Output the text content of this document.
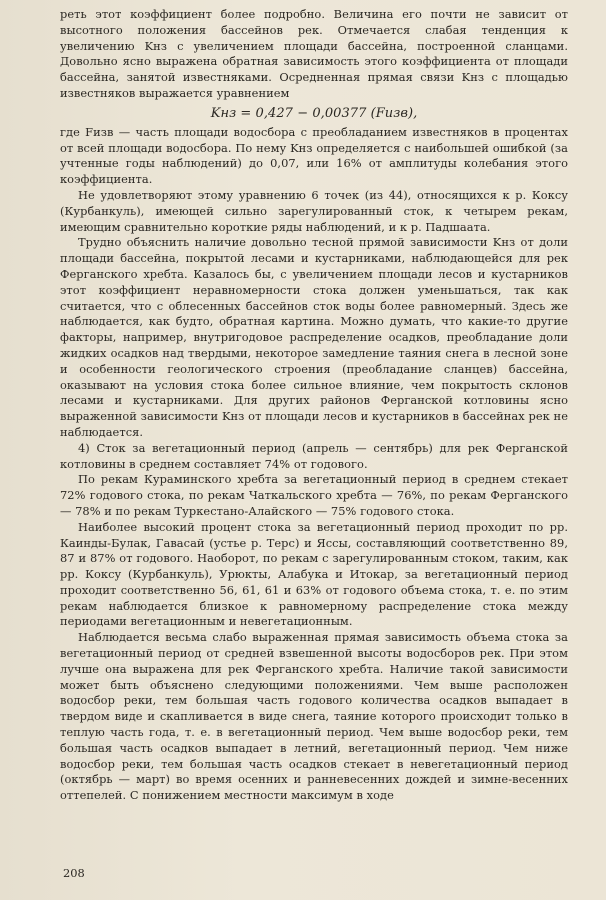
реть этот коэффициент более подробно. Величина его почти не зависит от высотного положения бассейнов рек. Отмечается слабая тенденция к увеличению Kнз с увеличением площади бассейна, построенной сланцами. Довольно ясно выражена обратная зависимость этого коэффициента от площади бассейна, занятой известняками. Осредненная прямая связи Kнз с площадью известняков выражается уравнением

Kнз = 0,427 − 0,00377 (Fизв),

где Fизв — часть площади водосбора с преобладанием известняков в процентах от всей площади водосбора. По нему Kнз определяется с наибольшей ошибкой (за учтенные годы наблюдений) до 0,07, или 16% от амплитуды колебания этого коэффициента.

Не удовлетворяют этому уравнению 6 точек (из 44), относящихся к р. Коксу (Курбанкуль), имеющей сильно зарегулированный сток, к четырем рекам, имеющим сравнительно короткие ряды наблюдений, и к р. Падшаата.

Трудно объяснить наличие довольно тесной прямой зависимости Kнз от доли площади бассейна, покрытой лесами и кустарниками, наблюдающейся для рек Ферганского хребта. Казалось бы, с увеличением площади лесов и кустарников этот коэффициент неравномерности стока должен уменьшаться, так как считается, что с облесенных бассейнов сток воды более равномерный. Здесь же наблюдается, как будто, обратная картина. Можно думать, что какие-то другие факторы, например, внутригодовое распределение осадков, преобладание доли жидких осадков над твердыми, некоторое замедление таяния снега в лесной зоне и особенности геологического строения (преобладание сланцев) бассейна, оказывают на условия стока более сильное влияние, чем покрытость склонов лесами и кустарниками. Для других районов Ферганской котловины ясно выраженной зависимости Kнз от площади лесов и кустарников в бассейнах рек не наблюдается.

4) Сток за вегетационный период (апрель — сентябрь) для рек Ферганской котловины в среднем составляет 74% от годового.

По рекам Кураминского хребта за вегетационный период в среднем стекает 72% годового стока, по рекам Чаткальского хребта — 76%, по рекам Ферганского — 78% и по рекам Туркестано-Алайского — 75% годового стока.

Наиболее высокий процент стока за вегетационный период проходит по рр. Каинды-Булак, Гавасай (устье р. Терс) и Ясcы, составляющий соответственно 89, 87 и 87% от годового. Наоборот, по рекам с зарегулированным стоком, таким, как рр. Коксу (Курбанкуль), Урюкты, Алабука и Итокар, за вегетационный период проходит соответственно 56, 61, 61 и 63% от годового объема стока, т. е. по этим рекам наблюдается близкое к равномерному распределение стока между периодами вегетационным и невегетационным.

Наблюдается весьма слабо выраженная прямая зависимость объема стока за вегетационный период от средней взвешенной высоты водосборов рек. При этом лучше она выражена для рек Ферганского хребта. Наличие такой зависимости может быть объяснено следующими положениями. Чем выше расположен водосбор реки, тем большая часть годового количества осадков выпадает в твердом виде и скапливается в виде снега, таяние которого происходит только в теплую часть года, т. е. в вегетационный период. Чем выше водосбор реки, тем большая часть осадков выпадает в летний, вегетационный период. Чем ниже водосбор реки, тем большая часть осадков стекает в невегетационный период (октябрь — март) во время осенних и ранневесенних дождей и зимне-весенних оттепелей. С понижением местности максимум в ходе

208
